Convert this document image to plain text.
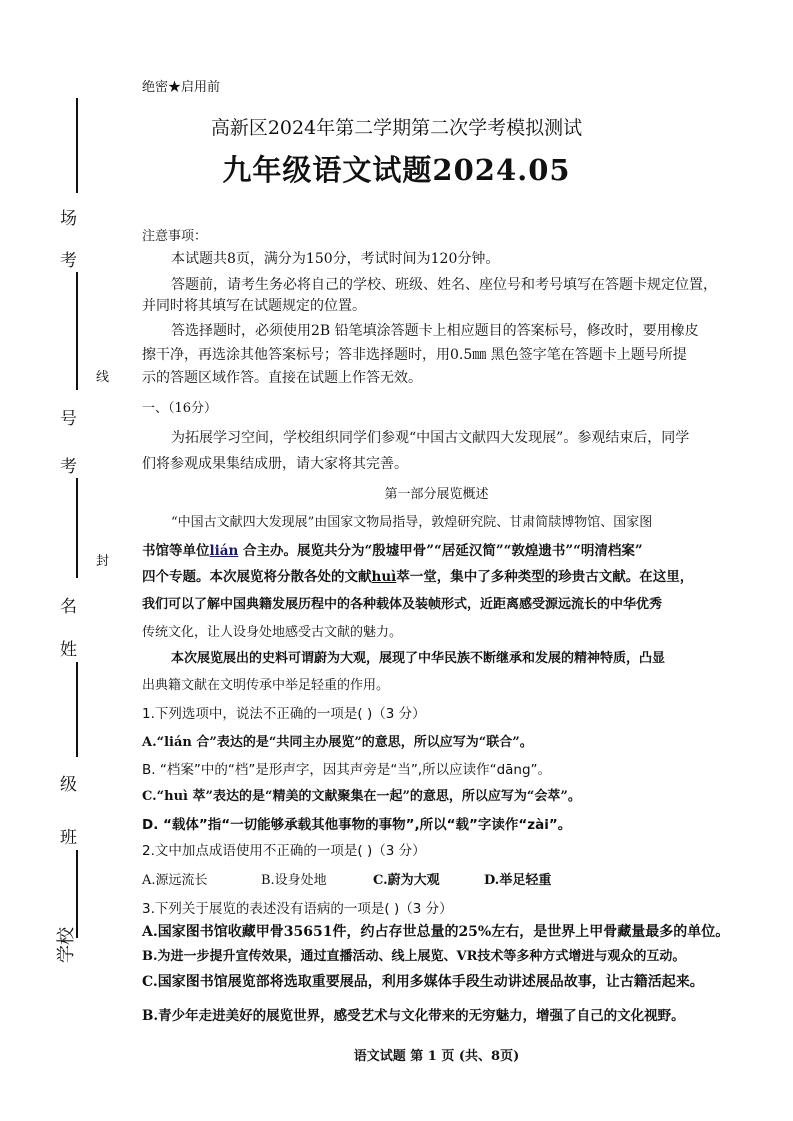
考
场
号
考
名
姓
级
班
学校
线
封
绝密★启用前
高新区2024年第二学期第二次学考模拟测试
九年级语文试题2024.05
注意事项：
本试题共8页，满分为150分，考试时间为120分钟。
答题前，请考生务必将自己的学校、班级、姓名、座位号和考号填写在答题卡规定位置，
并同时将其填写在试题规定的位置。
答选择题时，必须使用2B 铅笔填涂答题卡上相应题目的答案标号，修改时，要用橡皮
擦干净，再选涂其他答案标号；答非选择题时，用0.5㎜ 黑色签字笔在答题卡上题号所提
示的答题区域作答。直接在试题上作答无效。
一、（16分）
为拓展学习空间，学校组织同学们参观“中国古文献四大发现展”。参观结束后，同学
们将参观成果集结成册，请大家将其完善。
第一部分展览概述
“中国古文献四大发现展”由国家文物局指导，敦煌研究院、甘肃简牍博物馆、国家图
书馆等单位lián 合主办。展览共分为“殷墟甲骨”“居延汉简”“敦煌遗书”“明清档案”
四个专题。本次展览将分散各处的文献huì萃一堂，集中了多种类型的珍贵古文献。在这里，
我们可以了解中国典籍发展历程中的各种载体及装帧形式，近距离感受源远流长的中华优秀
传统文化，让人设身处地感受古文献的魅力。
本次展览展出的史料可谓蔚为大观，展现了中华民族不断继承和发展的精神特质，凸显
出典籍文献在文明传承中举足轻重的作用。
1.下列选项中，说法不正确的一项是( )（3 分）
A.“lián 合”表达的是“共同主办展览”的意思，所以应写为“联合”。
B. “档案”中的“档”是形声字，因其声旁是“当”,所以应读作“dāng”。
C.“huì 萃”表达的是“精美的文献聚集在一起”的意思，所以应写为“会萃”。
D. “载体”指“一切能够承载其他事物的事物”,所以“载”字读作“zài”。
2.文中加点成语使用不正确的一项是( )（3 分）
A.源远流长	B.设身处地	C.蔚为大观	D.举足轻重
3.下列关于展览的表述没有语病的一项是( )（3 分）
A.国家图书馆收藏甲骨35651件，约占存世总量的25%左右，是世界上甲骨藏量最多的单位。
B.为进一步提升宣传效果，通过直播活动、线上展览、VR技术等多种方式增进与观众的互动。
C.国家图书馆展览部将选取重要展品，利用多媒体手段生动讲述展品故事，让古籍活起来。
B.青少年走进美好的展览世界，感受艺术与文化带来的无穷魅力，增强了自己的文化视野。
语文试题 第 1 页 (共、8页)
